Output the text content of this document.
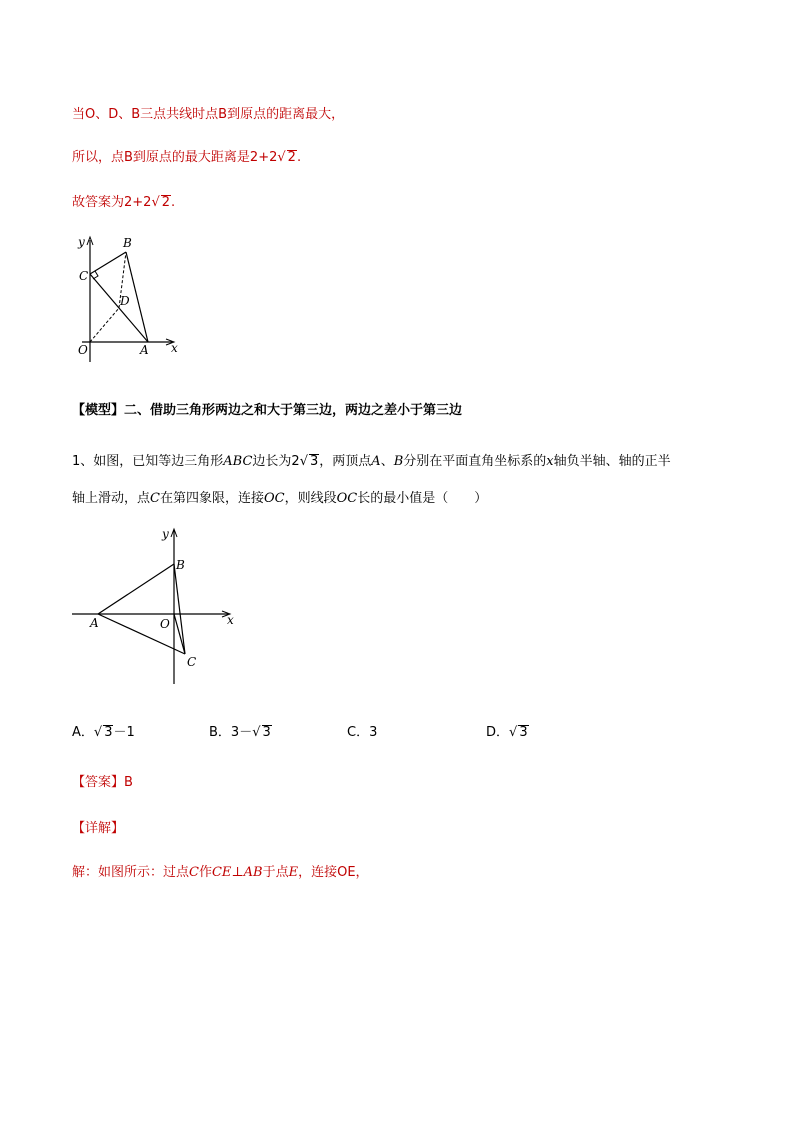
当O、D、B三点共线时点B到原点的距离最大，
所以，点B到原点的最大距离是2+2√ 2.
故答案为2+2√ 2.
y	B
C
D
O	A x
【模型】二、借助三角形两边之和大于第三边，两边之差小于第三边
1、如图，已知等边三角形ABC边长为2√ 3，两顶点A、B分别在平面直角坐标系的x轴负半轴、轴的正半
轴上滑动，点C在第四象限，连接OC，则线段OC长的最小值是（　　）
y
B
A	O	x
C
A．√ 3－1	B．3－√ 3	C．3	D．√ 3
【答案】B
【详解】
解：如图所示：过点C作CE⊥AB于点E，连接OE，
